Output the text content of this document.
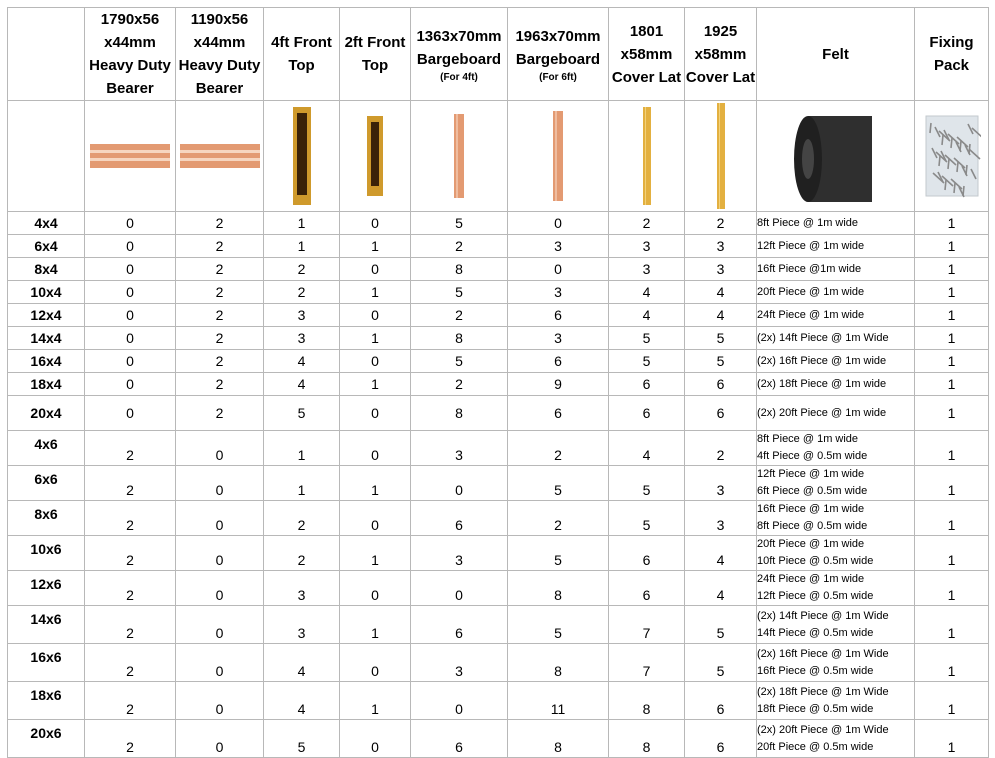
	1790x56
x44mm
Heavy Duty
Bearer	1190x56
x44mm
Heavy Duty
Bearer	4ft Front
Top	2ft Front
Top	1363x70mm
Bargeboard
(For 4ft)	1963x70mm
Bargeboard
(For 6ft)	1801
x58mm
Cover Lat	1925
x58mm
Cover Lat	Felt	Fixing
Pack

4x4	0	2	1	0	5	0	2	2	8ft Piece @ 1m wide	1
6x4	0	2	1	1	2	3	3	3	12ft Piece @ 1m wide	1
8x4	0	2	2	0	8	0	3	3	16ft Piece @1m wide	1
10x4	0	2	2	1	5	3	4	4	20ft Piece @ 1m wide	1
12x4	0	2	3	0	2	6	4	4	24ft Piece @ 1m wide	1
14x4	0	2	3	1	8	3	5	5	(2x) 14ft Piece @ 1m Wide	1
16x4	0	2	4	0	5	6	5	5	(2x) 16ft Piece @ 1m wide	1
18x4	0	2	4	1	2	9	6	6	(2x) 18ft Piece @ 1m wide	1
20x4	0	2	5	0	8	6	6	6	(2x) 20ft Piece @ 1m wide	1
4x6	2	0	1	0	3	2	4	2	8ft Piece @ 1m wide
4ft Piece @ 0.5m wide	1
6x6	2	0	1	1	0	5	5	3	12ft Piece @ 1m wide
6ft Piece @ 0.5m wide	1
8x6	2	0	2	0	6	2	5	3	16ft Piece @ 1m wide
8ft Piece @ 0.5m wide	1
10x6	2	0	2	1	3	5	6	4	20ft Piece @ 1m wide
10ft Piece @ 0.5m wide	1
12x6	2	0	3	0	0	8	6	4	24ft Piece @ 1m wide
12ft Piece @ 0.5m wide	1
14x6	2	0	3	1	6	5	7	5	(2x) 14ft Piece @ 1m Wide
14ft Piece @ 0.5m wide	1
16x6	2	0	4	0	3	8	7	5	(2x) 16ft Piece @ 1m Wide
16ft Piece @ 0.5m wide	1
18x6	2	0	4	1	0	11	8	6	(2x) 18ft Piece @ 1m Wide
18ft Piece @ 0.5m wide	1
20x6	2	0	5	0	6	8	8	6	(2x) 20ft Piece @ 1m Wide
20ft Piece @ 0.5m wide	1
